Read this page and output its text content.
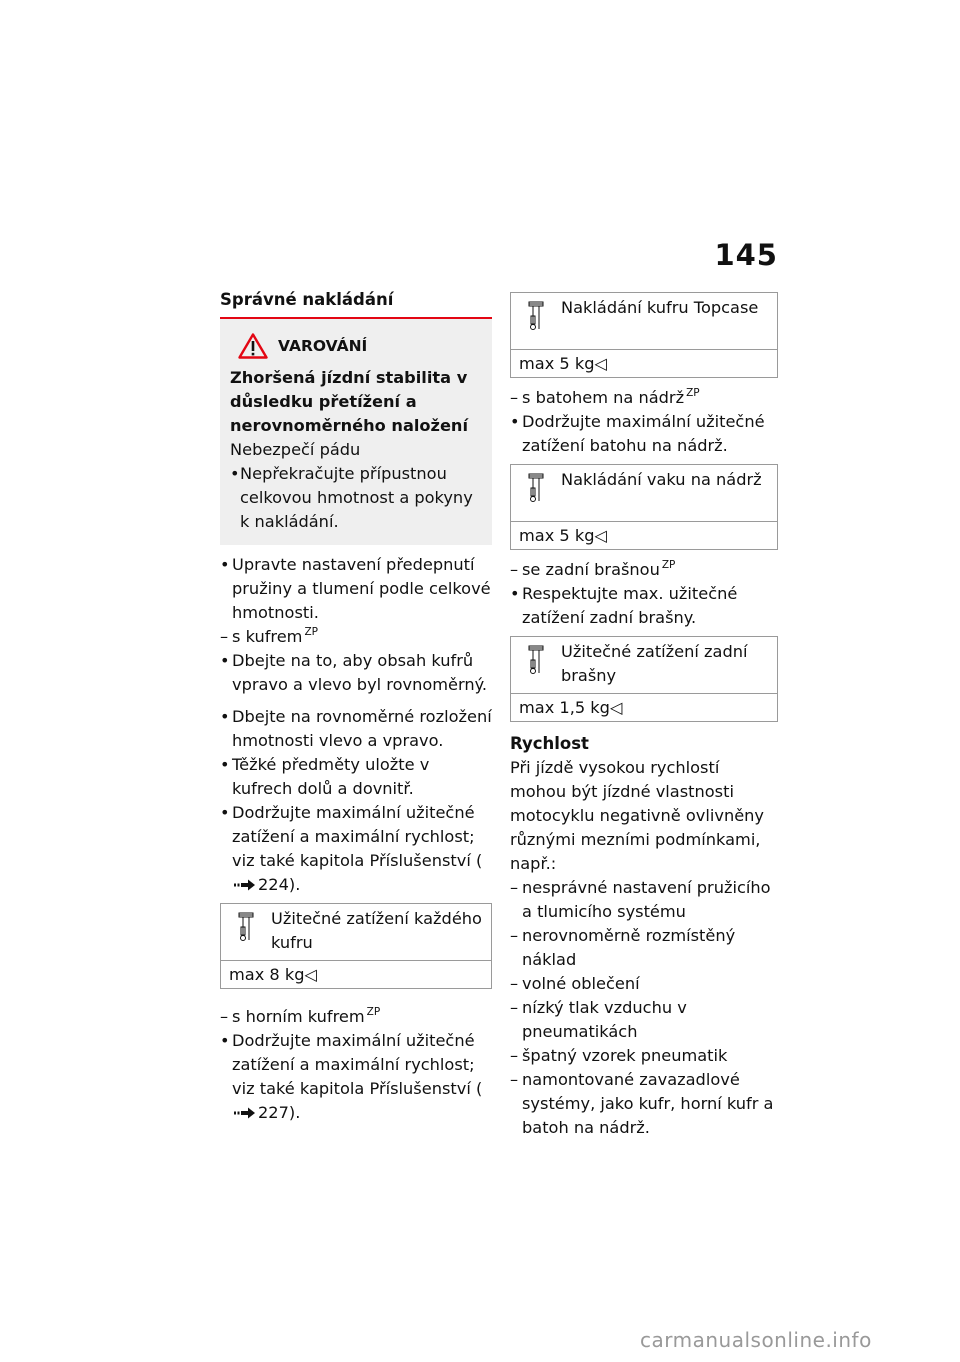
145
Správné nakládání
VAROVÁNÍ
Zhoršená jízdní stabilita v důsledku přetížení a nerovnoměrného naložení
Nebezpečí pádu
• Nepřekračujte přípustnou celkovou hmotnost a pokyny k nakládání.
• Upravte nastavení předepnutí pružiny a tlumení podle celkové hmotnosti.
– s kufrem $^{ZP}$
• Dbejte na to, aby obsah kufrů vpravo a vlevo byl rovnoměrný.
• Dbejte na rovnoměrné rozložení hmotnosti vlevo a vpravo.
• Těžké předměty uložte v kufrech dolů a dovnitř.
• Dodržujte maximální užitečné zatížení a maximální rychlost; viz také kapitola Příslušenství (
224).
Užitečné zatížení každého kufru
max 8 kg◁
– s horním kufrem $^{ZP}$
• Dodržujte maximální užitečné zatížení a maximální rychlost; viz také kapitola Příslušenství (
227).
Nakládání kufru Topcase
max 5 kg◁
– s batohem na nádrž $^{ZP}$
• Dodržujte maximální užitečné zatížení batohu na nádrž.
Nakládání vaku na nádrž
max 5 kg◁
– se zadní brašnou $^{ZP}$
• Respektujte max. užitečné zatížení zadní brašny.
Užitečné zatížení zadní brašny
max 1,5 kg◁
Rychlost
Při jízdě vysokou rychlostí mohou být jízdné vlastnosti motocyklu negativně ovlivněny různými mezními podmínkami, např.:
– nesprávné nastavení pružicího a tlumicího systému
– nerovnoměrně rozmístěný náklad
– volné oblečení
– nízký tlak vzduchu v pneumatikách
– špatný vzorek pneumatik
– namontované zavazadlové systémy, jako kufr, horní kufr a batoh na nádrž.
carmanualsonline.info
